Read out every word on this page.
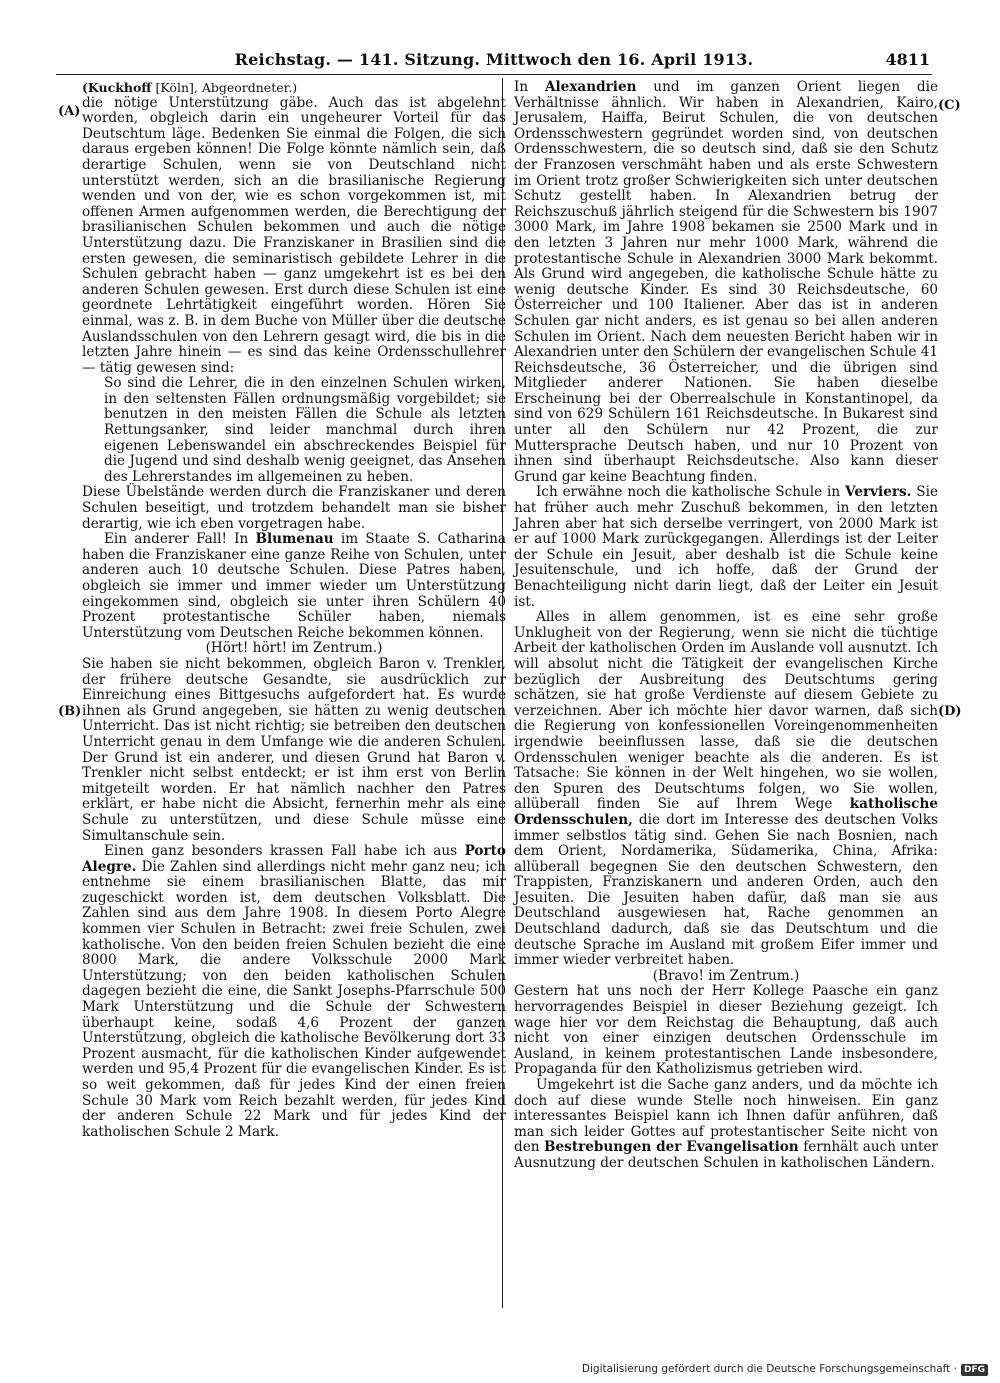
Reichstag. — 141. Sitzung. Mittwoch den 16. April 1913.	4811
(A)
(B)
(C)
(D)

(Kuckhoff [Köln], Abgeordneter.)

die nötige Unterstützung gäbe. Auch das ist abgelehnt worden, obgleich darin ein ungeheurer Vorteil für das Deutschtum läge. Bedenken Sie einmal die Folgen, die sich daraus ergeben können! Die Folge könnte nämlich sein, daß derartige Schulen, wenn sie von Deutschland nicht unterstützt werden, sich an die brasilianische Regierung wenden und von der, wie es schon vorgekommen ist, mit offenen Armen aufgenommen werden, die Berechtigung der brasilianischen Schulen bekommen und auch die nötige Unterstützung dazu. Die Franziskaner in Brasilien sind die ersten gewesen, die seminaristisch gebildete Lehrer in die Schulen gebracht haben — ganz umgekehrt ist es bei den anderen Schulen gewesen. Erst durch diese Schulen ist eine geordnete Lehrtätigkeit eingeführt worden. Hören Sie einmal, was z. B. in dem Buche von Müller über die deutsche Auslandsschulen von den Lehrern gesagt wird, die bis in die letzten Jahre hinein — es sind das keine Ordensschullehrer — tätig gewesen sind:

So sind die Lehrer, die in den einzelnen Schulen wirken, in den seltensten Fällen ordnungsmäßig vorgebildet; sie benutzen in den meisten Fällen die Schule als letzten Rettungsanker, sind leider manchmal durch ihren eigenen Lebenswandel ein abschreckendes Beispiel für die Jugend und sind deshalb wenig geeignet, das Ansehen des Lehrerstandes im allgemeinen zu heben.

Diese Übelstände werden durch die Franziskaner und deren Schulen beseitigt, und trotzdem behandelt man sie bisher derartig, wie ich eben vorgetragen habe.

Ein anderer Fall! In Blumenau im Staate S. Catharina haben die Franziskaner eine ganze Reihe von Schulen, unter anderen auch 10 deutsche Schulen. Diese Patres haben, obgleich sie immer und immer wieder um Unterstützung eingekommen sind, obgleich sie unter ihren Schülern 40 Prozent protestantische Schüler haben, niemals Unterstützung vom Deutschen Reiche bekommen können.

(Hört! hört! im Zentrum.)

Sie haben sie nicht bekommen, obgleich Baron v. Trenkler, der frühere deutsche Gesandte, sie ausdrücklich zur Einreichung eines Bittgesuchs aufgefordert hat. Es wurde ihnen als Grund angegeben, sie hätten zu wenig deutschen Unterricht. Das ist nicht richtig; sie betreiben den deutschen Unterricht genau in dem Umfange wie die anderen Schulen. Der Grund ist ein anderer, und diesen Grund hat Baron v. Trenkler nicht selbst entdeckt; er ist ihm erst von Berlin mitgeteilt worden. Er hat nämlich nachher den Patres erklärt, er habe nicht die Absicht, fernerhin mehr als eine Schule zu unterstützen, und diese Schule müsse eine Simultanschule sein.

Einen ganz besonders krassen Fall habe ich aus Porto Alegre. Die Zahlen sind allerdings nicht mehr ganz neu; ich entnehme sie einem brasilianischen Blatte, das mir zugeschickt worden ist, dem deutschen Volksblatt. Die Zahlen sind aus dem Jahre 1908. In diesem Porto Alegre kommen vier Schulen in Betracht: zwei freie Schulen, zwei katholische. Von den beiden freien Schulen bezieht die eine 8000 Mark, die andere Volksschule 2000 Mark Unterstützung; von den beiden katholischen Schulen dagegen bezieht die eine, die Sankt Josephs-Pfarrschule 500 Mark Unterstützung und die Schule der Schwestern überhaupt keine, sodaß 4,6 Prozent der ganzen Unterstützung, obgleich die katholische Bevölkerung dort 33 Prozent ausmacht, für die katholischen Kinder aufgewendet werden und 95,4 Prozent für die evangelischen Kinder. Es ist so weit gekommen, daß für jedes Kind der einen freien Schule 30 Mark vom Reich bezahlt werden, für jedes Kind der anderen Schule 22 Mark und für jedes Kind der katholischen Schule 2 Mark.

In Alexandrien und im ganzen Orient liegen die Verhältnisse ähnlich. Wir haben in Alexandrien, Kairo, Jerusalem, Haiffa, Beirut Schulen, die von deutschen Ordensschwestern gegründet worden sind, von deutschen Ordensschwestern, die so deutsch sind, daß sie den Schutz der Franzosen verschmäht haben und als erste Schwestern im Orient trotz großer Schwierigkeiten sich unter deutschen Schutz gestellt haben. In Alexandrien betrug der Reichszuschuß jährlich steigend für die Schwestern bis 1907 3000 Mark, im Jahre 1908 bekamen sie 2500 Mark und in den letzten 3 Jahren nur mehr 1000 Mark, während die protestantische Schule in Alexandrien 3000 Mark bekommt. Als Grund wird angegeben, die katholische Schule hätte zu wenig deutsche Kinder. Es sind 30 Reichsdeutsche, 60 Österreicher und 100 Italiener. Aber das ist in anderen Schulen gar nicht anders, es ist genau so bei allen anderen Schulen im Orient. Nach dem neuesten Bericht haben wir in Alexandrien unter den Schülern der evangelischen Schule 41 Reichsdeutsche, 36 Österreicher, und die übrigen sind Mitglieder anderer Nationen. Sie haben dieselbe Erscheinung bei der Oberrealschule in Konstantinopel, da sind von 629 Schülern 161 Reichsdeutsche. In Bukarest sind unter all den Schülern nur 42 Prozent, die zur Muttersprache Deutsch haben, und nur 10 Prozent von ihnen sind überhaupt Reichsdeutsche. Also kann dieser Grund gar keine Beachtung finden.

Ich erwähne noch die katholische Schule in Verviers. Sie hat früher auch mehr Zuschuß bekommen, in den letzten Jahren aber hat sich derselbe verringert, von 2000 Mark ist er auf 1000 Mark zurückgegangen. Allerdings ist der Leiter der Schule ein Jesuit, aber deshalb ist die Schule keine Jesuitenschule, und ich hoffe, daß der Grund der Benachteiligung nicht darin liegt, daß der Leiter ein Jesuit ist.

Alles in allem genommen, ist es eine sehr große Unklugheit von der Regierung, wenn sie nicht die tüchtige Arbeit der katholischen Orden im Auslande voll ausnutzt. Ich will absolut nicht die Tätigkeit der evangelischen Kirche bezüglich der Ausbreitung des Deutschtums gering schätzen, sie hat große Verdienste auf diesem Gebiete zu verzeichnen. Aber ich möchte hier davor warnen, daß sich die Regierung von konfessionellen Voreingenommenheiten irgendwie beeinflussen lasse, daß sie die deutschen Ordensschulen weniger beachte als die anderen. Es ist Tatsache: Sie können in der Welt hingehen, wo sie wollen, den Spuren des Deutschtums folgen, wo Sie wollen, allüberall finden Sie auf Ihrem Wege katholische Ordensschulen, die dort im Interesse des deutschen Volks immer selbstlos tätig sind. Gehen Sie nach Bosnien, nach dem Orient, Nordamerika, Südamerika, China, Afrika: allüberall begegnen Sie den deutschen Schwestern, den Trappisten, Franziskanern und anderen Orden, auch den Jesuiten. Die Jesuiten haben dafür, daß man sie aus Deutschland ausgewiesen hat, Rache genommen an Deutschland dadurch, daß sie das Deutschtum und die deutsche Sprache im Ausland mit großem Eifer immer und immer wieder verbreitet haben.

(Bravo! im Zentrum.)

Gestern hat uns noch der Herr Kollege Paasche ein ganz hervorragendes Beispiel in dieser Beziehung gezeigt. Ich wage hier vor dem Reichstag die Behauptung, daß auch nicht von einer einzigen deutschen Ordensschule im Ausland, in keinem protestantischen Lande insbesondere, Propaganda für den Katholizismus getrieben wird.

Umgekehrt ist die Sache ganz anders, und da möchte ich doch auf diese wunde Stelle noch hinweisen. Ein ganz interessantes Beispiel kann ich Ihnen dafür anführen, daß man sich leider Gottes auf protestantischer Seite nicht von den Bestrebungen der Evangelisation fernhält auch unter Ausnutzung der deutschen Schulen in katholischen Ländern.

Digitalisierung gefördert durch die Deutsche Forschungsgemeinschaft · DFG
